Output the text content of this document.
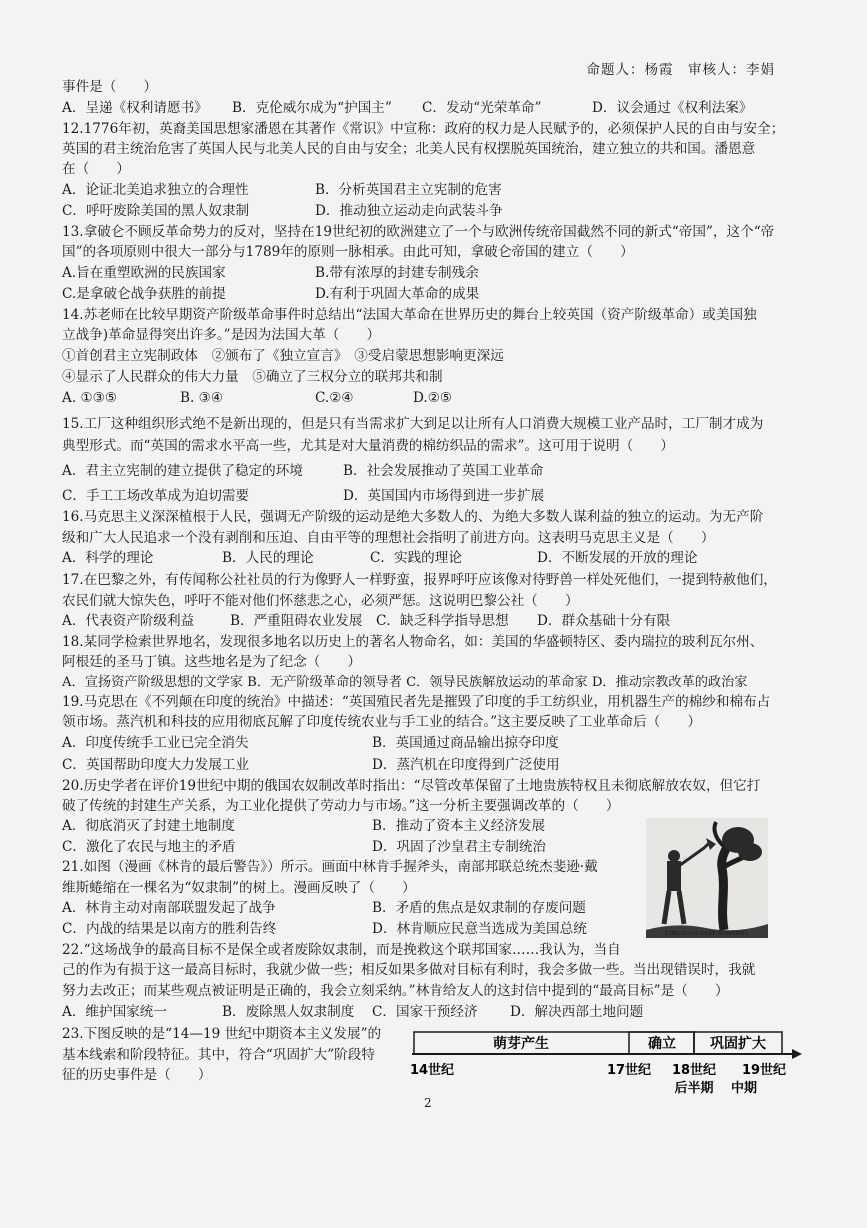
命题人：杨霞　审核人：李娟
事件是（　　）
A．呈递《权利请愿书》 B．克伦威尔成为“护国主” C．发动“光荣革命”	D．议会通过《权利法案》
12.1776年初，英裔美国思想家潘恩在其著作《常识》中宣称：政府的权力是人民赋予的，必须保护人民的自由与安全；
英国的君主统治危害了英国人民与北美人民的自由与安全；北美人民有权摆脱英国统治，建立独立的共和国。潘恩意
在（　　）
A．论证北美追求独立的合理性	B．分析英国君主立宪制的危害
C．呼吁废除美国的黑人奴隶制	D．推动独立运动走向武装斗争
13.拿破仑不顾反革命势力的反对，坚持在19世纪初的欧洲建立了一个与欧洲传统帝国截然不同的新式“帝国”，这个“帝
国”的各项原则中很大一部分与1789年的原则一脉相承。由此可知，拿破仑帝国的建立（　　）
A.旨在重塑欧洲的民族国家	B.带有浓厚的封建专制残余
C.是拿破仑战争获胜的前提	D.有利于巩固大革命的成果
14.苏老师在比较早期资产阶级革命事件时总结出“法国大革命在世界历史的舞台上较英国（资产阶级革命）或美国独
立战争)革命显得突出许多。”是因为法国大革（　　）
①首创君主立宪制政体　②颁布了《独立宣言》　③受启蒙思想影响更深远
④显示了人民群众的伟大力量　⑤确立了三权分立的联邦共和制
A. ①③⑤	B. ③④	C.②④	D.②⑤
15.工厂这种组织形式绝不是新出现的，但是只有当需求扩大到足以让所有人口消费大规模工业产品时，工厂制才成为
典型形式。而“英国的需求水平高一些，尤其是对大量消费的棉纺织品的需求”。这可用于说明（　　）
A．君主立宪制的建立提供了稳定的环境	B．社会发展推动了英国工业革命
C．手工工场改革成为迫切需要	D．英国国内市场得到进一步扩展
16.马克思主义深深植根于人民，强调无产阶级的运动是绝大多数人的、为绝大多数人谋利益的独立的运动。为无产阶
级和广大人民追求一个没有剥削和压迫、自由平等的理想社会指明了前进方向。这表明马克思主义是（　　）
A．科学的理论	B．人民的理论	C．实践的理论	D．不断发展的开放的理论
17.在巴黎之外，有传闻称公社社员的行为像野人一样野蛮，报界呼吁应该像对待野兽一样处死他们，一提到特赦他们，
农民们就大惊失色，呼吁不能对他们怀慈悲之心，必须严惩。这说明巴黎公社（　　）
A．代表资产阶级利益	B．严重阻碍农业发展 C．缺乏科学指导思想 D．群众基础十分有限
18.某同学检索世界地名，发现很多地名以历史上的著名人物命名，如：美国的华盛顿特区、委内瑞拉的玻利瓦尔州、
阿根廷的圣马丁镇。这些地名是为了纪念（　　）
A．宣扬资产阶级思想的文学家 B．无产阶级革命的领导者 C．领导民族解放运动的革命家 D．推动宗教改革的政治家
19.马克思在《不列颠在印度的统治》中描述：“英国殖民者先是摧毁了印度的手工纺织业，用机器生产的棉纱和棉布占
领市场。蒸汽机和科技的应用彻底瓦解了印度传统农业与手工业的结合。”这主要反映了工业革命后（　　）
A．印度传统手工业已完全消失	B．英国通过商品输出掠夺印度
C．英国帮助印度大力发展工业	D．蒸汽机在印度得到广泛使用
20.历史学者在评价19世纪中期的俄国农奴制改革时指出：“尽管改革保留了土地贵族特权且未彻底解放农奴，但它打
破了传统的封建生产关系，为工业化提供了劳动力与市场。”这一分析主要强调改革的（　　）
A．彻底消灭了封建土地制度	B．推动了资本主义经济发展
C．激化了农民与地主的矛盾	D．巩固了沙皇君主专制统治
21.如图（漫画《林肯的最后警告》）所示。画面中林肯手握斧头，南部邦联总统杰斐逊·戴
维斯蜷缩在一棵名为“奴隶制”的树上。漫画反映了（　　）
A．林肯主动对南部联盟发起了战争	B．矛盾的焦点是奴隶制的存废问题
C．内战的结果是以南方的胜利告终	D．林肯顺应民意当选成为美国总统	LINCOLN'S LAST WARNING.
22.“这场战争的最高目标不是保全或者废除奴隶制，而是挽救这个联邦国家……我认为，当自
己的作为有损于这一最高目标时，我就少做一些；相反如果多做对目标有利时，我会多做一些。当出现错误时，我就
努力去改正；而某些观点被证明是正确的，我会立刻采纳。”林肯给友人的这封信中提到的“最高目标”是（　　）
A．维护国家统一	B．废除黑人奴隶制度 C．国家干预经济 D．解决西部土地问题
23.下图反映的是“14—19 世纪中期资本主义发展”的
基本线索和阶段特征。其中，符合“巩固扩大”阶段特
征的历史事件是（　　）
萌芽产生	确立 巩固扩大
14世纪	17世纪 18世纪
后半期
19世纪
中期
2
